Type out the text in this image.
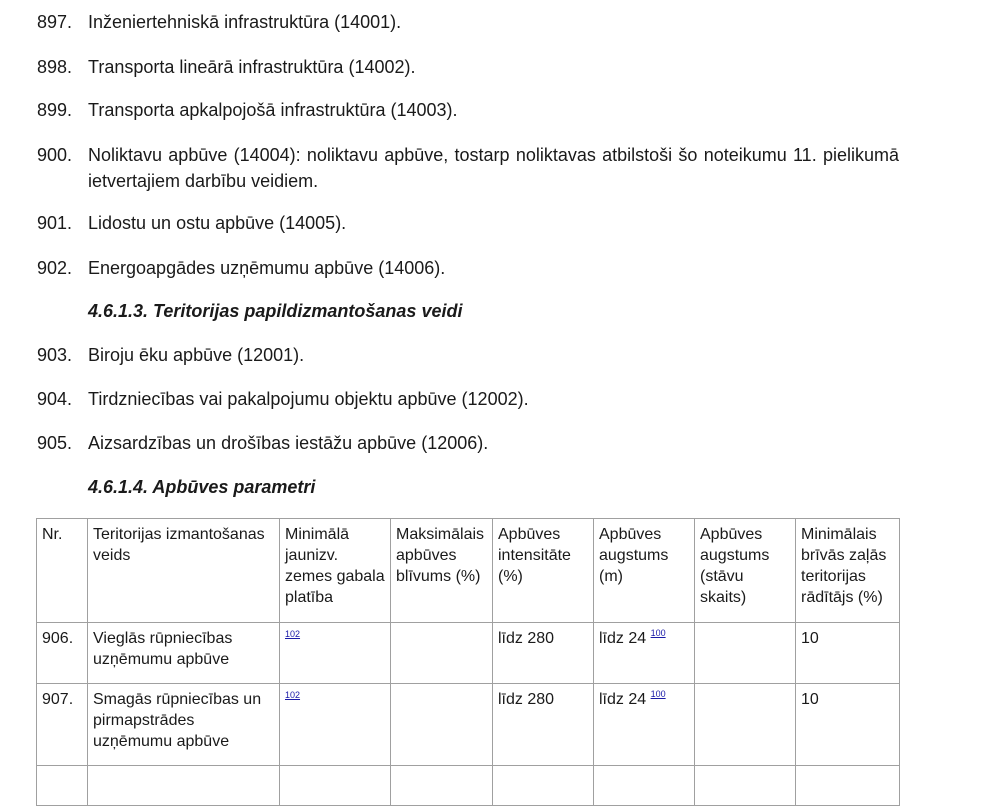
897. Inženiertehniskā infrastruktūra (14001).
898. Transporta lineārā infrastruktūra (14002).
899. Transporta apkalpojošā infrastruktūra (14003).
900. Noliktavu apbūve (14004): noliktavu apbūve, tostarp noliktavas atbilstoši šo noteikumu 11. pielikumā ietvertajiem darbību veidiem.
901. Lidostu un ostu apbūve (14005).
902. Energoapgādes uzņēmumu apbūve (14006).
4.6.1.3. Teritorijas papildizmantošanas veidi
903. Biroju ēku apbūve (12001).
904. Tirdzniecības vai pakalpojumu objektu apbūve (12002).
905. Aizsardzības un drošības iestāžu apbūve (12006).
4.6.1.4. Apbūves parametri
Nr.	Teritorijas izmantošanas veids	Minimālā jaunizv. zemes gabala platība	Maksimālais apbūves blīvums (%)	Apbūves intensitāte (%)	Apbūves augstums (m)	Apbūves augstums (stāvu skaits)	Minimālais brīvās zaļās teritorijas rādītājs (%)
906.	Vieglās rūpniecības uzņēmumu apbūve	102		līdz 280	līdz 24 $^{100}$		10
907.	Smagās rūpniecības un pirmapstrādes uzņēmumu apbūve	102		līdz 280	līdz 24 $^{100}$		10
